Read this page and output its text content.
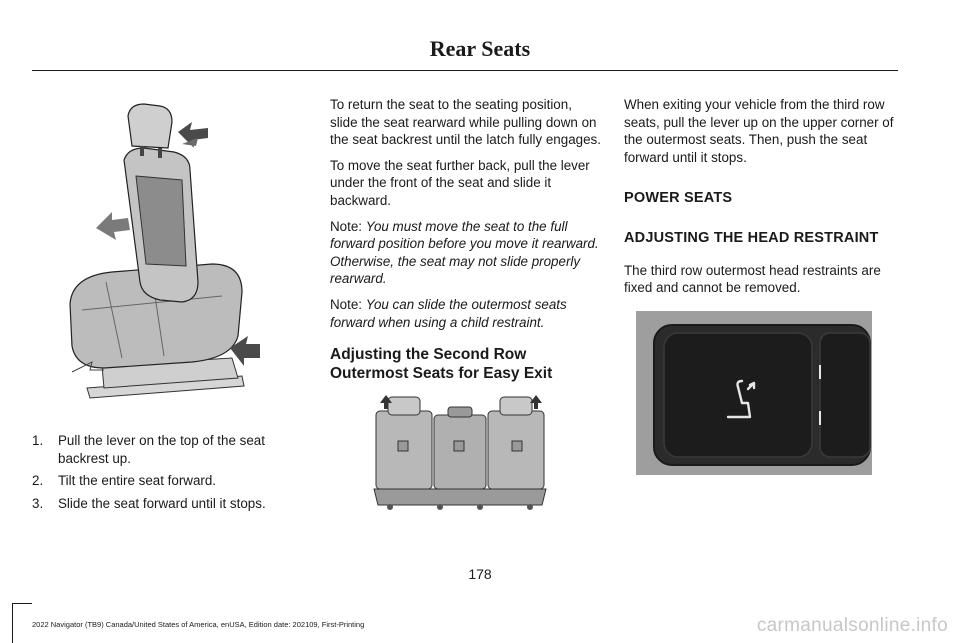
Rear Seats
1. Pull the lever on the top of the seat backrest up.
2. Tilt the entire seat forward.
3. Slide the seat forward until it stops.

To return the seat to the seating position, slide the seat rearward while pulling down on the seat backrest until the latch fully engages.

To move the seat further back, pull the lever under the front of the seat and slide it backward.

Note: You must move the seat to the full forward position before you move it rearward. Otherwise, the seat may not slide properly rearward.

Note: You can slide the outermost seats forward when using a child restraint.

Adjusting the Second Row Outermost Seats for Easy Exit

When exiting your vehicle from the third row seats, pull the lever up on the upper corner of the outermost seats. Then, push the seat forward until it stops.

POWER SEATS
ADJUSTING THE HEAD RESTRAINT

The third row outermost head restraints are fixed and cannot be removed.

178
2022 Navigator (TB9) Canada/United States of America, enUSA, Edition date: 202109, First-Printing	carmanualsonline.info
